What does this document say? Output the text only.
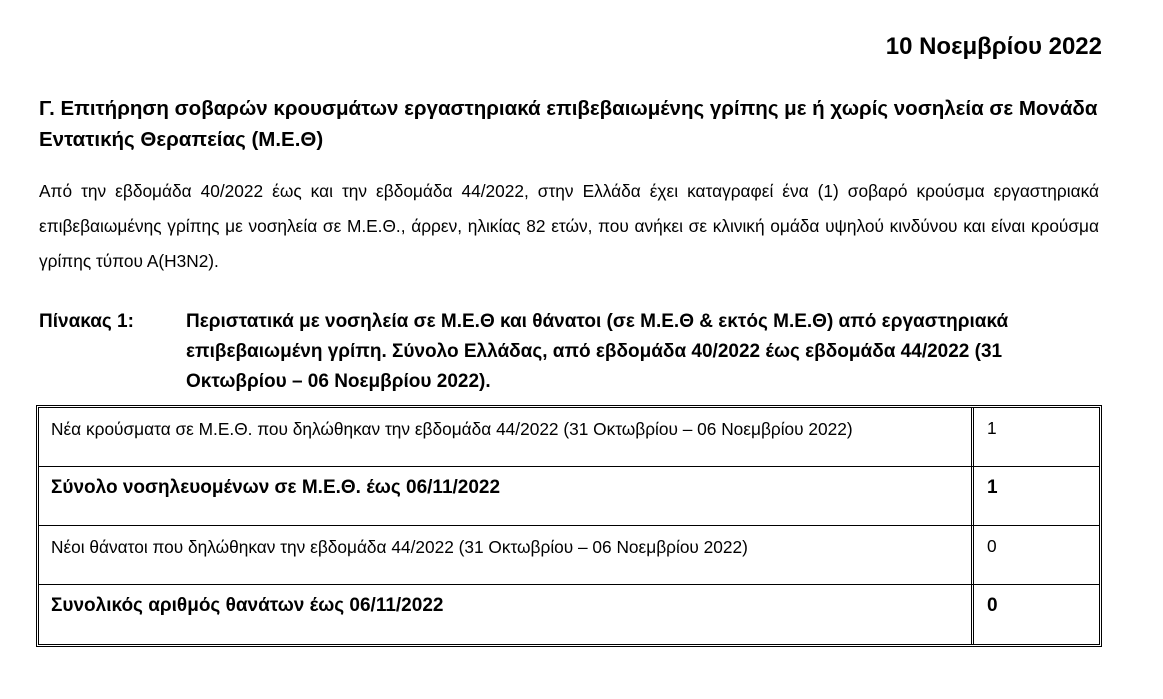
10 Νοεμβρίου 2022
Γ. Επιτήρηση σοβαρών κρουσμάτων εργαστηριακά επιβεβαιωμένης γρίπης με ή χωρίς νοσηλεία σε Μονάδα Εντατικής Θεραπείας (Μ.Ε.Θ)
Από την εβδομάδα 40/2022 έως και την εβδομάδα 44/2022, στην Ελλάδα έχει καταγραφεί ένα (1) σοβαρό κρούσμα εργαστηριακά επιβεβαιωμένης γρίπης με νοσηλεία σε Μ.Ε.Θ., άρρεν, ηλικίας 82 ετών, που ανήκει σε κλινική ομάδα υψηλού κινδύνου και είναι κρούσμα γρίπης τύπου Α(H3N2).
Πίνακας 1:	Περιστατικά με νοσηλεία σε Μ.Ε.Θ και θάνατοι (σε Μ.Ε.Θ & εκτός Μ.Ε.Θ) από εργαστηριακά επιβεβαιωμένη γρίπη. Σύνολο Ελλάδας, από εβδομάδα 40/2022 έως εβδομάδα 44/2022 (31 Οκτωβρίου – 06 Νοεμβρίου 2022).
Νέα κρούσματα σε Μ.Ε.Θ. που δηλώθηκαν την εβδομάδα 44/2022 (31 Οκτωβρίου – 06 Νοεμβρίου 2022)	1
Σύνολο νοσηλευομένων σε Μ.Ε.Θ. έως 06/11/2022	1
Νέοι θάνατοι που δηλώθηκαν την εβδομάδα 44/2022 (31 Οκτωβρίου – 06 Νοεμβρίου 2022)	0
Συνολικός αριθμός θανάτων έως 06/11/2022	0
